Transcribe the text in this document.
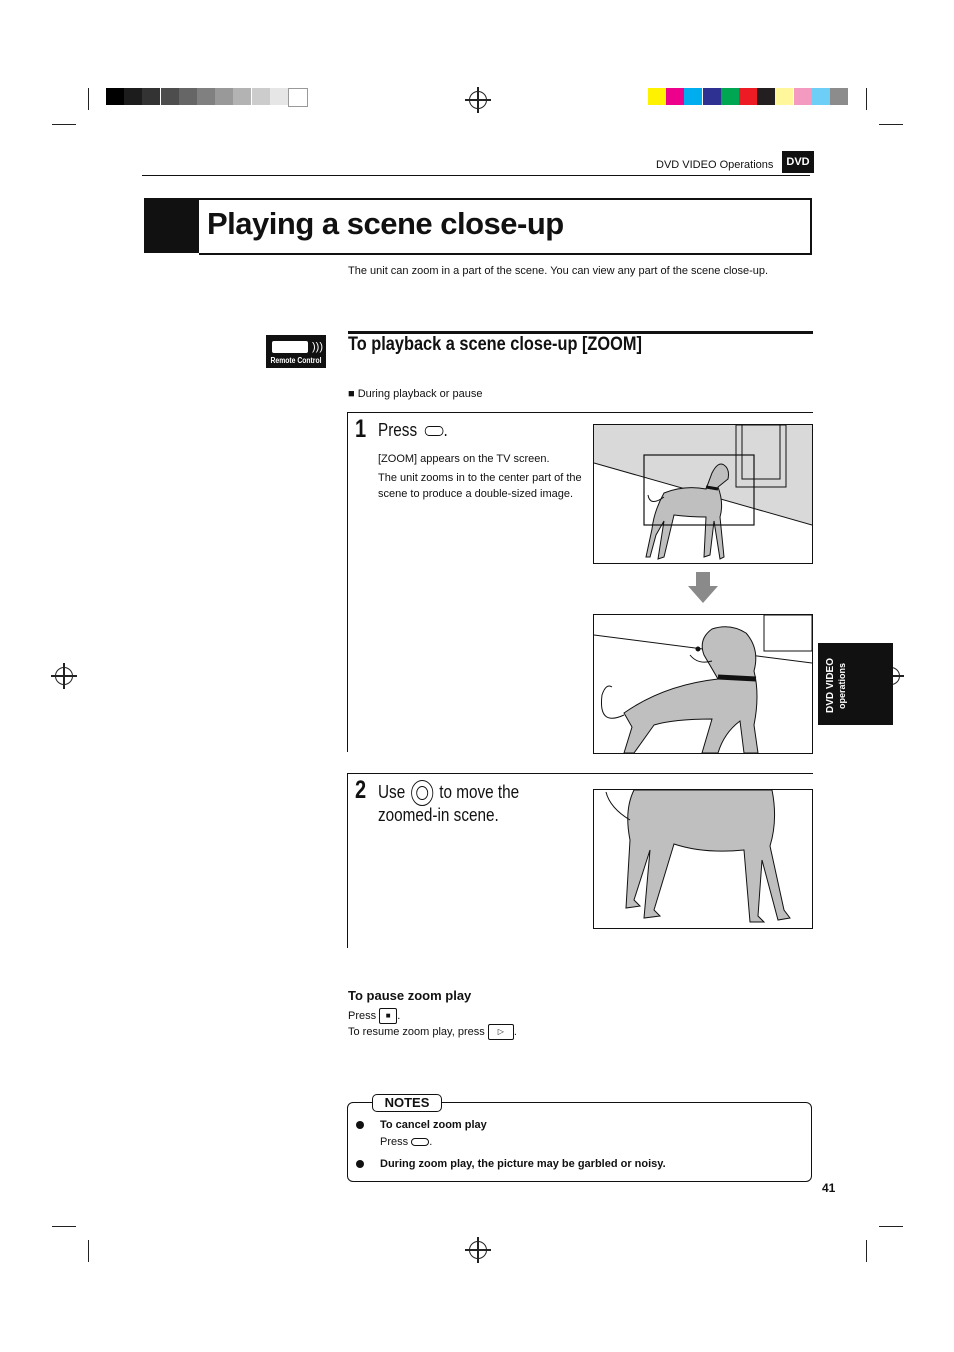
DVD VIDEO Operations	DVD
Playing a scene close-up
The unit can zoom in a part of the scene. You can view any part of the scene close-up.
)))
Remote Control
To playback a scene close-up [ZOOM]
■ During playback or pause
1 Press .
[ZOOM] appears on the TV screen.
The unit zooms in to the center part of the scene to produce a double-sized image.
2 Use to move the
zoomed-in scene.
To pause zoom play
Press ■ .
To resume zoom play, press ▷ .
NOTES
To cancel zoom play
Press .
During zoom play, the picture may be garbled or noisy.
DVD VIDEO operations
41
